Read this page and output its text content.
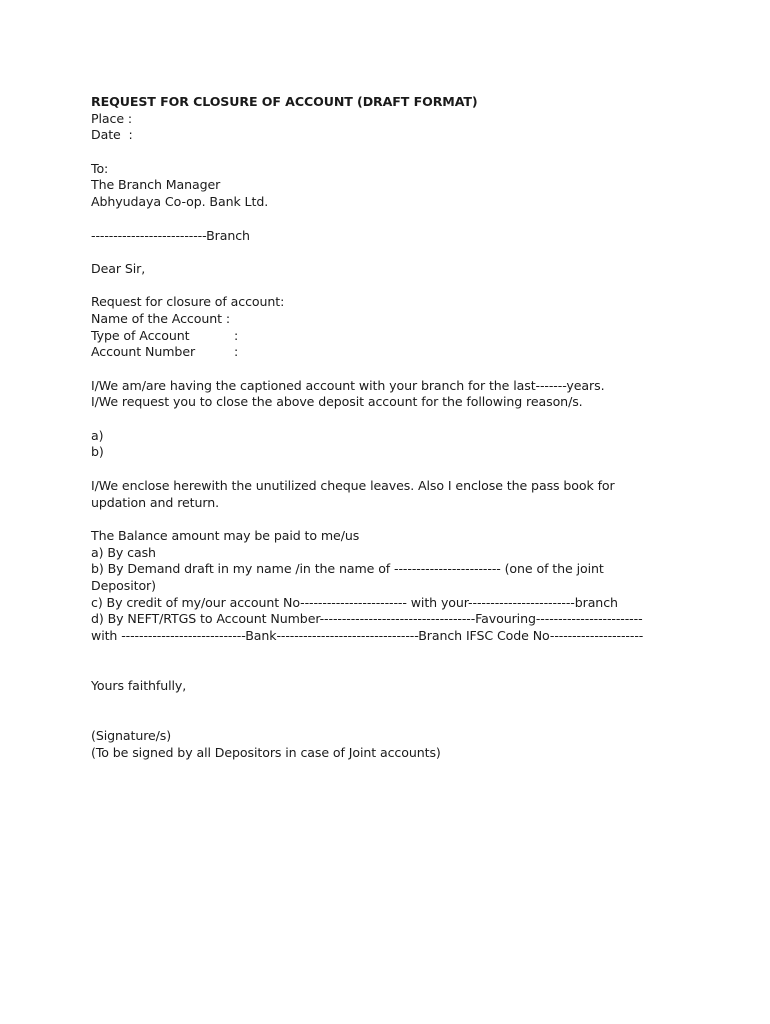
REQUEST FOR CLOSURE OF ACCOUNT (DRAFT FORMAT)
Place :
Date  :
To:
The Branch Manager
Abhyudaya Co-op. Bank Ltd.
--------------------------Branch
Dear Sir,
Request for closure of account:
Name of the Account :
Type of Account	:
Account Number	:
I/We am/are having the captioned account with your branch for the last-------years.
I/We request you to close the above deposit account for the following reason/s.
a)
b)
I/We enclose herewith the unutilized cheque leaves. Also I enclose the pass book for
updation and return.
The Balance amount may be paid to me/us
a) By cash
b) By Demand draft in my name /in the name of ------------------------ (one of the joint
Depositor)
c) By credit of my/our account No------------------------ with your------------------------branch
d) By NEFT/RTGS to Account Number-----------------------------------Favouring------------------------
with ----------------------------Bank--------------------------------Branch IFSC Code No---------------------
Yours faithfully,
(Signature/s)
(To be signed by all Depositors in case of Joint accounts)
